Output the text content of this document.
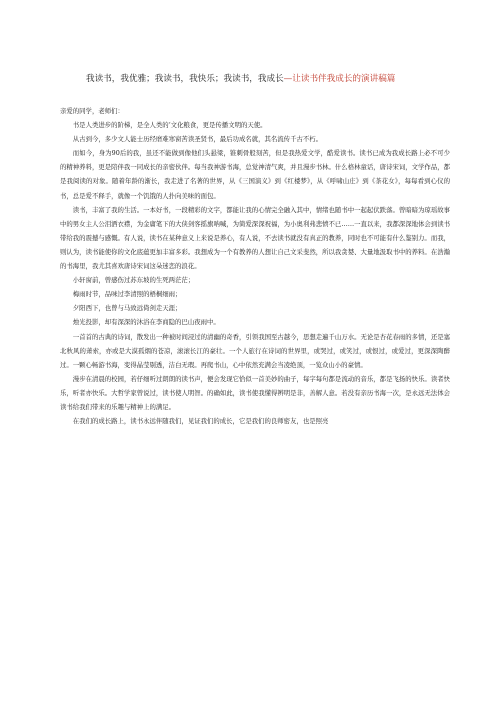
我读书，我优雅；我读书，我快乐；我读书，我成长—让读书伴我成长的演讲稿篇

亲爱的同学，老师们：

书是人类进步的阶梯，是全人类的‘文化粮食，更是传播文明的天使。

从古到今，多少文人能士历经磨难寒窗苦读圣贤书，最后功成名就，其名流传千古不朽。

而如今，身为90后的我，虽还不能做到像他们头悬梁，锥刺骨般刻苦，但是我热爱文学，酷爱读书。读书已成为我成长路上必不可少的精神养料，更是陪伴我一同成长的亲密伙伴。每当我神游书海，总觉神清气爽，并且漫步书林。什么格林童话，唐诗宋词，文学作品，都是我阅读的对象。随着年龄的渐长，我走进了名著的世界，从《三国演义》到《红楼梦》，从《呼啸山庄》到《茶花女》，每每看到心仪的书，总是爱不释手，就像一个饥饿的人扑向美味的面包。

读书，丰富了我的生活。一本好书，一段精彩的文字，都能让我的心情完全融入其中，情绪也随书中一起起伏跌落。曾暗暗为琼瑶故事中的男女主人公泪洒衣襟，为金庸笔下的大侠剑客摇旗呐喊，为简爱深深祝福，为小奥利弗悲愤不已……一直以来，我都深深地体会到读书带给我的震撼与感慨。有人说，读书在某种意义上来说是养心，有人说，不去读书就没有真正的教养，同时也不可能有什么鉴别力。而我，则认为，读书能使你的文化底蕴更加丰富多彩。我想成为一个有教养的人想让自己文采斐然，所以我贪婪、大量地汲取书中的养料。在浩瀚的书海里，我尤其喜欢唐诗宋词这朵迷恋的浪花。

小轩窗前，曾感伤过苏东坡的生死两茫茫；

梅雨时节，品味过李清照的梧桐细雨；

夕阳西下，也曾与马致远倚剑走天涯；

烛光投影，却有深深的沐浴在李商隐的巴山夜雨中。

一首首的古典的诗词，散发出一种被时间浸过的清幽的奇香，引领我国至古越今，思想走遍千山万水。无论是杏花春雨的多情，还是塞北秋风的萧索，亦或是大漠孤烟的苍凉，滚滚长江的豪壮。一个人旅行在诗词的世界里，或哭过，或笑过，或恨过，或爱过，更深深陶醉过。一颗心畅游书海，变得晶莹剔透，洁白无瑕。再爬书山，心中依然充满会当凌绝顶，一览众山小的豪情。

漫步在清晨的校园，若仔细听过朗朗的读书声，便会发现它恰似一首美妙的曲子，每字每句都是流动的音乐，都是飞扬的快乐。读者快乐，听者亦快乐。大哲学家曾说过，读书使人明智。的确如此，读书使我懂得辨明是非，善解人意。若没有亲历书海一次，是永远无法体会读书给我们带来的乐趣与精神上的满足。

在我们的成长路上，读书永远伴随我们，见证我们的成长，它是我们的良师密友，也是照亮
